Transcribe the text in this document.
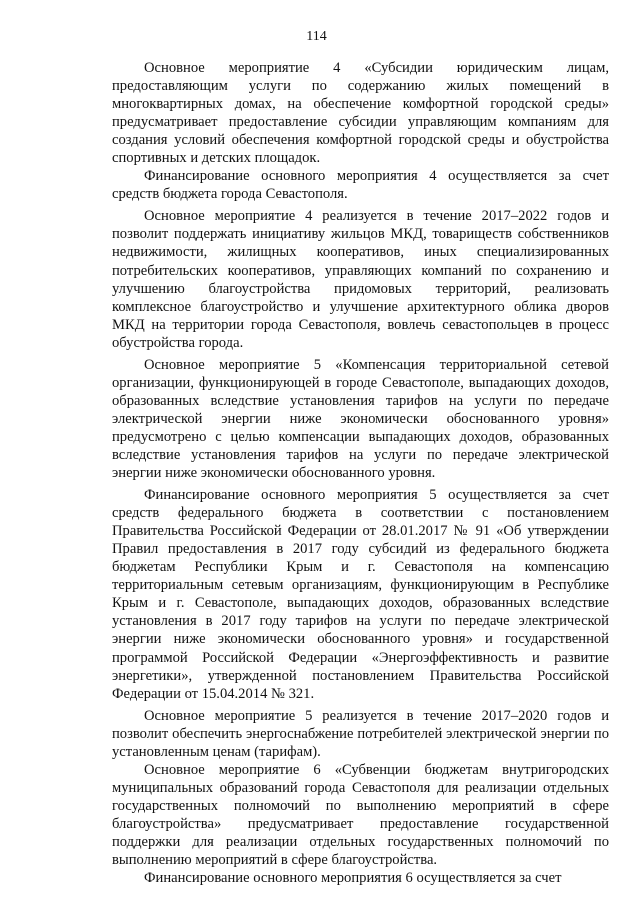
114

Основное мероприятие 4 «Субсидии юридическим лицам, предоставляющим услуги по содержанию жилых помещений в многоквартирных домах, на обеспечение комфортной городской среды» предусматривает предоставление субсидии управляющим компаниям для создания условий обеспечения комфортной городской среды и обустройства спортивных и детских площадок.

Финансирование основного мероприятия 4 осуществляется за счет средств бюджета города Севастополя.

Основное мероприятие 4 реализуется в течение 2017–2022 годов и позволит поддержать инициативу жильцов МКД, товариществ собственников недвижимости, жилищных кооперативов, иных специализированных потребительских кооперативов, управляющих компаний по сохранению и улучшению благоустройства придомовых территорий, реализовать комплексное благоустройство и улучшение архитектурного облика дворов МКД на территории города Севастополя, вовлечь севастопольцев в процесс обустройства города.

Основное мероприятие 5 «Компенсация территориальной сетевой организации, функционирующей в городе Севастополе, выпадающих доходов, образованных вследствие установления тарифов на услуги по передаче электрической энергии ниже экономически обоснованного уровня» предусмотрено с целью компенсации выпадающих доходов, образованных вследствие установления тарифов на услуги по передаче электрической энергии ниже экономически обоснованного уровня.

Финансирование основного мероприятия 5 осуществляется за счет средств федерального бюджета в соответствии с постановлением Правительства Российской Федерации от 28.01.2017 № 91 «Об утверждении Правил предоставления в 2017 году субсидий из федерального бюджета бюджетам Республики Крым и г. Севастополя на компенсацию территориальным сетевым организациям, функционирующим в Республике Крым и г. Севастополе, выпадающих доходов, образованных вследствие установления в 2017 году тарифов на услуги по передаче электрической энергии ниже экономически обоснованного уровня» и государственной программой Российской Федерации «Энергоэффективность и развитие энергетики», утвержденной постановлением Правительства Российской Федерации от 15.04.2014 № 321.

Основное мероприятие 5 реализуется в течение 2017–2020 годов и позволит обеспечить энергоснабжение потребителей электрической энергии по установленным ценам (тарифам).

Основное мероприятие 6 «Субвенции бюджетам внутригородских муниципальных образований города Севастополя для реализации отдельных государственных полномочий по выполнению мероприятий в сфере благоустройства» предусматривает предоставление государственной поддержки для реализации отдельных государственных полномочий по выполнению мероприятий в сфере благоустройства.

Финансирование основного мероприятия 6 осуществляется за счет
